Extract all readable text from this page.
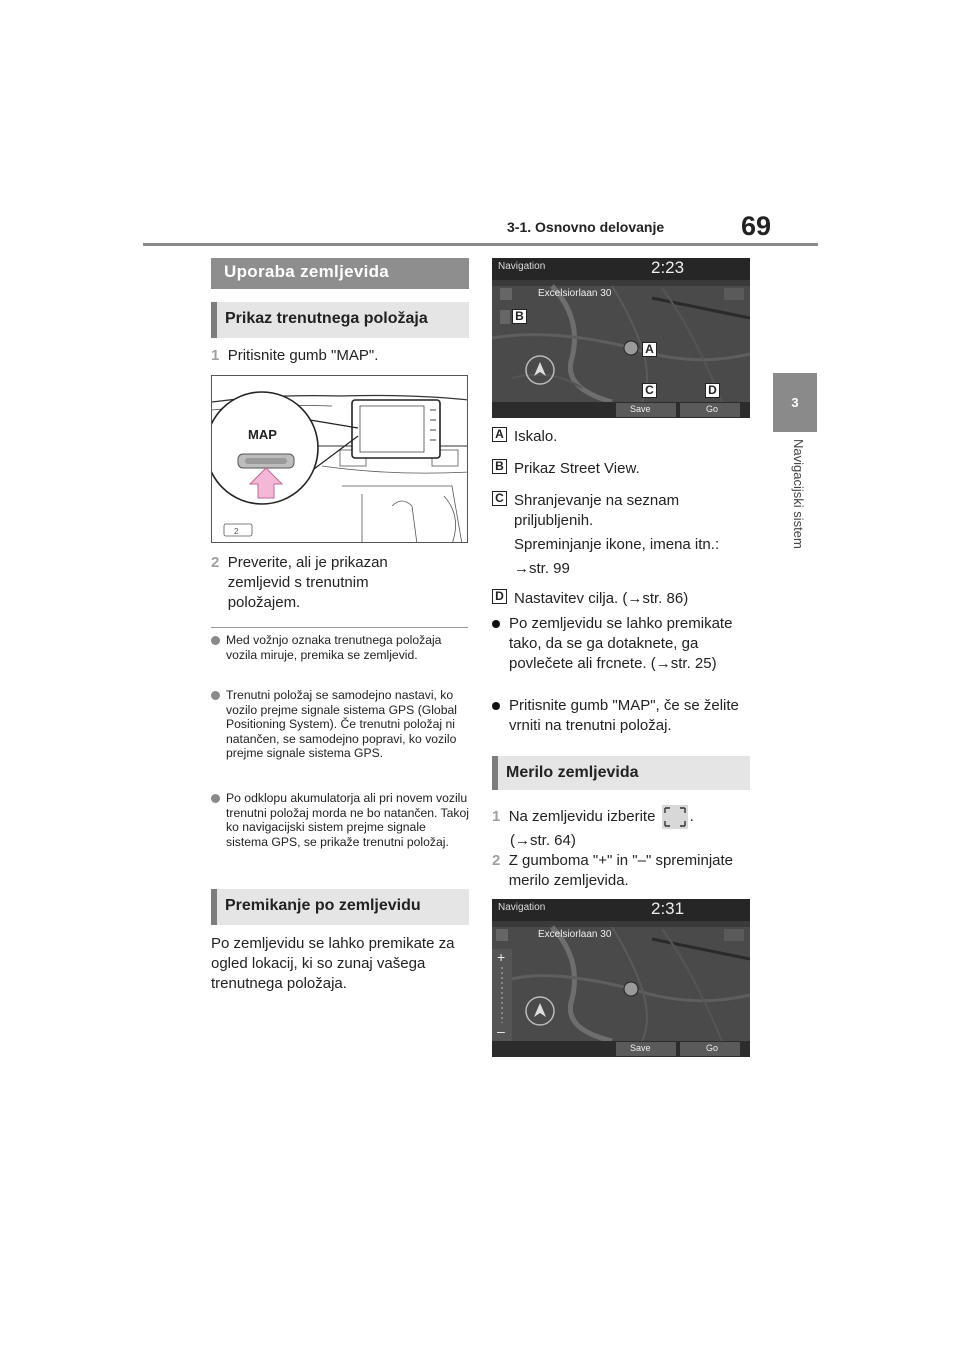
3-1. Osnovno delovanje	69
3
Navigacijski sistem
Uporaba zemljevida
Prikaz trenutnega položaja
1 Pritisnite gumb "MAP".
2
MAP
2 Preverite, ali je prikazan zemljevid s trenutnim položajem.
Med vožnjo oznaka trenutnega položaja vozila miruje, premika se zemljevid.
Trenutni položaj se samodejno nastavi, ko vozilo prejme signale sistema GPS (Global Positioning System). Če trenutni položaj ni natančen, se samodejno popravi, ko vozilo prejme signale sistema GPS.
Po odklopu akumulatorja ali pri novem vozilu trenutni položaj morda ne bo natančen. Takoj ko navigacijski sistem prejme signale sistema GPS, se prikaže trenutni položaj.
Premikanje po zemljevidu
Po zemljevidu se lahko premikate za ogled lokacij, ki so zunaj vašega trenutnega položaja.
Navigation	2:23
Excelsiorlaan 30
Save	Go
B
A
C	D
A Iskalo.
B Prikaz Street View.
C Shranjevanje na seznam priljubljenih.
Spreminjanje ikone, imena itn.:
→str. 99
D Nastavitev cilja. (→str. 86)
Po zemljevidu se lahko premikate tako, da se ga dotaknete, ga povlečete ali frcnete. (→str. 25)
Pritisnite gumb "MAP", če se želite vrniti na trenutni položaj.
Merilo zemljevida
1 Na zemljevidu izberite .
(→str. 64)
2 Z gumboma "+" in "–" spreminjate merilo zemljevida.
Navigation	2:31
Excelsiorlaan 30
+
–
Save	Go
